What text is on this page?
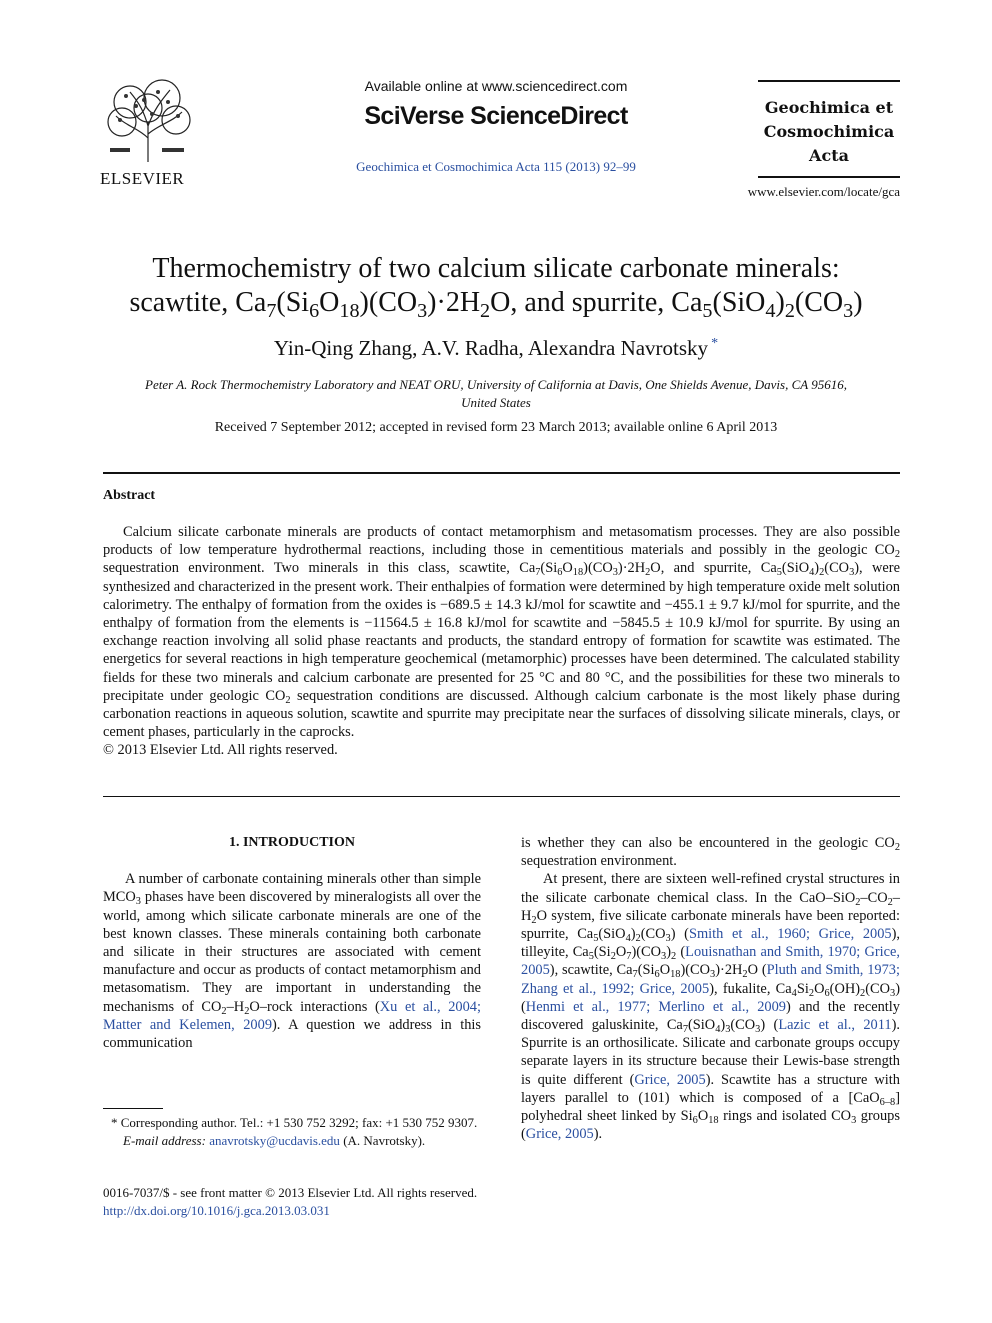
ELSEVIER
Available online at www.sciencedirect.com
SciVerse ScienceDirect
Geochimica et Cosmochimica Acta 115 (2013) 92–99
Geochimica et
Cosmochimica
Acta
www.elsevier.com/locate/gca
Thermochemistry of two calcium silicate carbonate minerals:
scawtite, $Ca_7(Si_6O_{18})(CO_3)\cdot 2H_2O$, and spurrite, $Ca_5(SiO_4)_2(CO_3)$
Yin-Qing Zhang, A.V. Radha, Alexandra Navrotsky *
Peter A. Rock Thermochemistry Laboratory and NEAT ORU, University of California at Davis, One Shields Avenue, Davis, CA 95616,
United States
Received 7 September 2012; accepted in revised form 23 March 2013; available online 6 April 2013
Abstract
Calcium silicate carbonate minerals are products of contact metamorphism and metasomatism processes. They are also possible products of low temperature hydrothermal reactions, including those in cementitious materials and possibly in the geologic $CO_2$ sequestration environment. Two minerals in this class, scawtite, $Ca_7(Si_6O_{18})(CO_3)\cdot 2H_2O$, and spurrite, $Ca_5(SiO_4)_2(CO_3)$, were synthesized and characterized in the present work. Their enthalpies of formation were determined by high temperature oxide melt solution calorimetry. The enthalpy of formation from the oxides is −689.5 ± 14.3 kJ/mol for scawtite and −455.1 ± 9.7 kJ/mol for spurrite, and the enthalpy of formation from the elements is −11564.5 ± 16.8 kJ/mol for scawtite and −5845.5 ± 10.9 kJ/mol for spurrite. By using an exchange reaction involving all solid phase reactants and products, the standard entropy of formation for scawtite was estimated. The energetics for several reactions in high temperature geochemical (metamorphic) processes have been determined. The calculated stability fields for these two minerals and calcium carbonate are presented for 25 °C and 80 °C, and the possibilities for these two minerals to precipitate under geologic $CO_2$ sequestration conditions are discussed. Although calcium carbonate is the most likely phase during carbonation reactions in aqueous solution, scawtite and spurrite may precipitate near the surfaces of dissolving silicate minerals, clays, or cement phases, particularly in the caprocks.
© 2013 Elsevier Ltd. All rights reserved.
1. INTRODUCTION

A number of carbonate containing minerals other than simple $MCO_3$ phases have been discovered by mineralogists all over the world, among which silicate carbonate minerals are one of the best known classes. These minerals containing both carbonate and silicate in their structures are associated with cement manufacture and occur as products of contact metamorphism and metasomatism. They are important in understanding the mechanisms of $CO_2-H_2O$–rock interactions (Xu et al., 2004; Matter and Kelemen, 2009). A question we address in this communication

is whether they can also be encountered in the geologic $CO_2$ sequestration environment.

At present, there are sixteen well-refined crystal structures in the silicate carbonate chemical class. In the CaO–$SiO_2-CO_2-H_2O$ system, five silicate carbonate minerals have been reported: spurrite, $Ca_5(SiO_4)_2(CO_3)$ (Smith et al., 1960; Grice, 2005), tilleyite, $Ca_5(Si_2O_7)(CO_3)_2$ (Louisnathan and Smith, 1970; Grice, 2005), scawtite, $Ca_7(Si_6O_{18})(CO_3)\cdot 2H_2O$ (Pluth and Smith, 1973; Zhang et al., 1992; Grice, 2005), fukalite, $Ca_4Si_2O_6(OH)_2(CO_3)$ (Henmi et al., 1977; Merlino et al., 2009) and the recently discovered galuskinite, $Ca_7(SiO_4)_3(CO_3)$ (Lazic et al., 2011). Spurrite is an orthosilicate. Silicate and carbonate groups occupy separate layers in its structure because their Lewis-base strength is quite different (Grice, 2005). Scawtite has a structure with layers parallel to (101) which is composed of a [CaO$_{6-8}$] polyhedral sheet linked by $Si_6O_{18}$ rings and isolated $CO_3$ groups (Grice, 2005).

* Corresponding author. Tel.: +1 530 752 3292; fax: +1 530 752 9307.
E-mail address: anavrotsky@ucdavis.edu (A. Navrotsky).
0016-7037/$ - see front matter © 2013 Elsevier Ltd. All rights reserved.
http://dx.doi.org/10.1016/j.gca.2013.03.031
